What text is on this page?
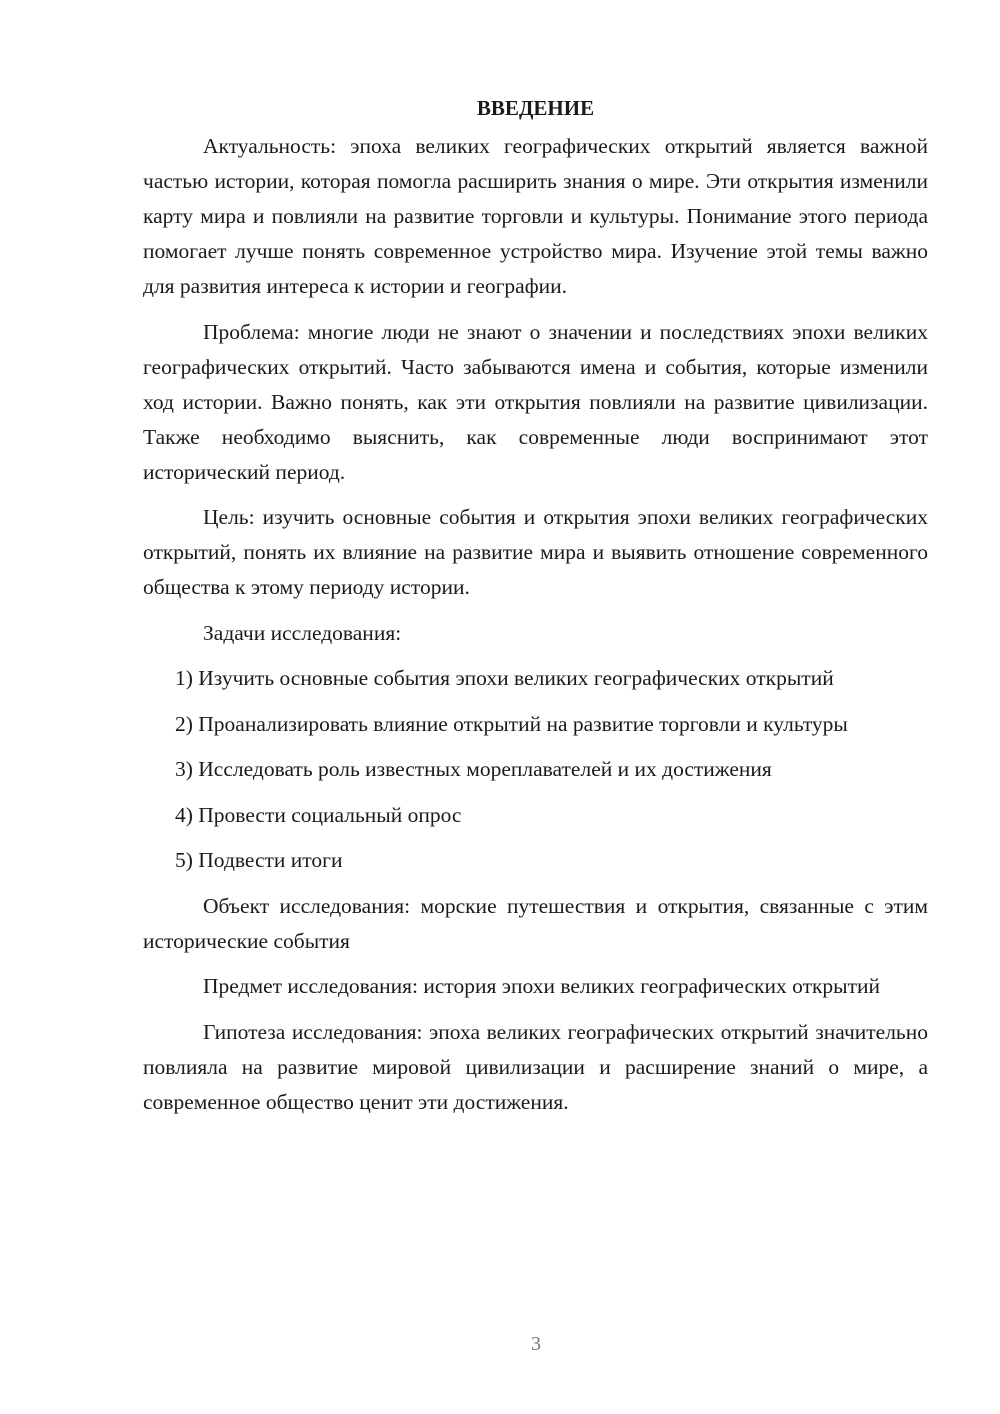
ВВЕДЕНИЕ

Актуальность: эпоха великих географических открытий является важной частью истории, которая помогла расширить знания о мире. Эти открытия изменили карту мира и повлияли на развитие торговли и культуры. Понимание этого периода помогает лучше понять современное устройство мира. Изучение этой темы важно для развития интереса к истории и географии.

Проблема: многие люди не знают о значении и последствиях эпохи великих географических открытий. Часто забываются имена и события, которые изменили ход истории. Важно понять, как эти открытия повлияли на развитие цивилизации. Также необходимо выяснить, как современные люди воспринимают этот исторический период.

Цель: изучить основные события и открытия эпохи великих географических открытий, понять их влияние на развитие мира и выявить отношение современного общества к этому периоду истории.

Задачи исследования:

1) Изучить основные события эпохи великих географических открытий

2) Проанализировать влияние открытий на развитие торговли и культуры

3) Исследовать роль известных мореплавателей и их достижения

4) Провести социальный опрос

5) Подвести итоги

Объект исследования: морские путешествия и открытия, связанные с этим исторические события

Предмет исследования: история эпохи великих географических открытий

Гипотеза исследования: эпоха великих географических открытий значительно повлияла на развитие мировой цивилизации и расширение знаний о мире, а современное общество ценит эти достижения.

3
